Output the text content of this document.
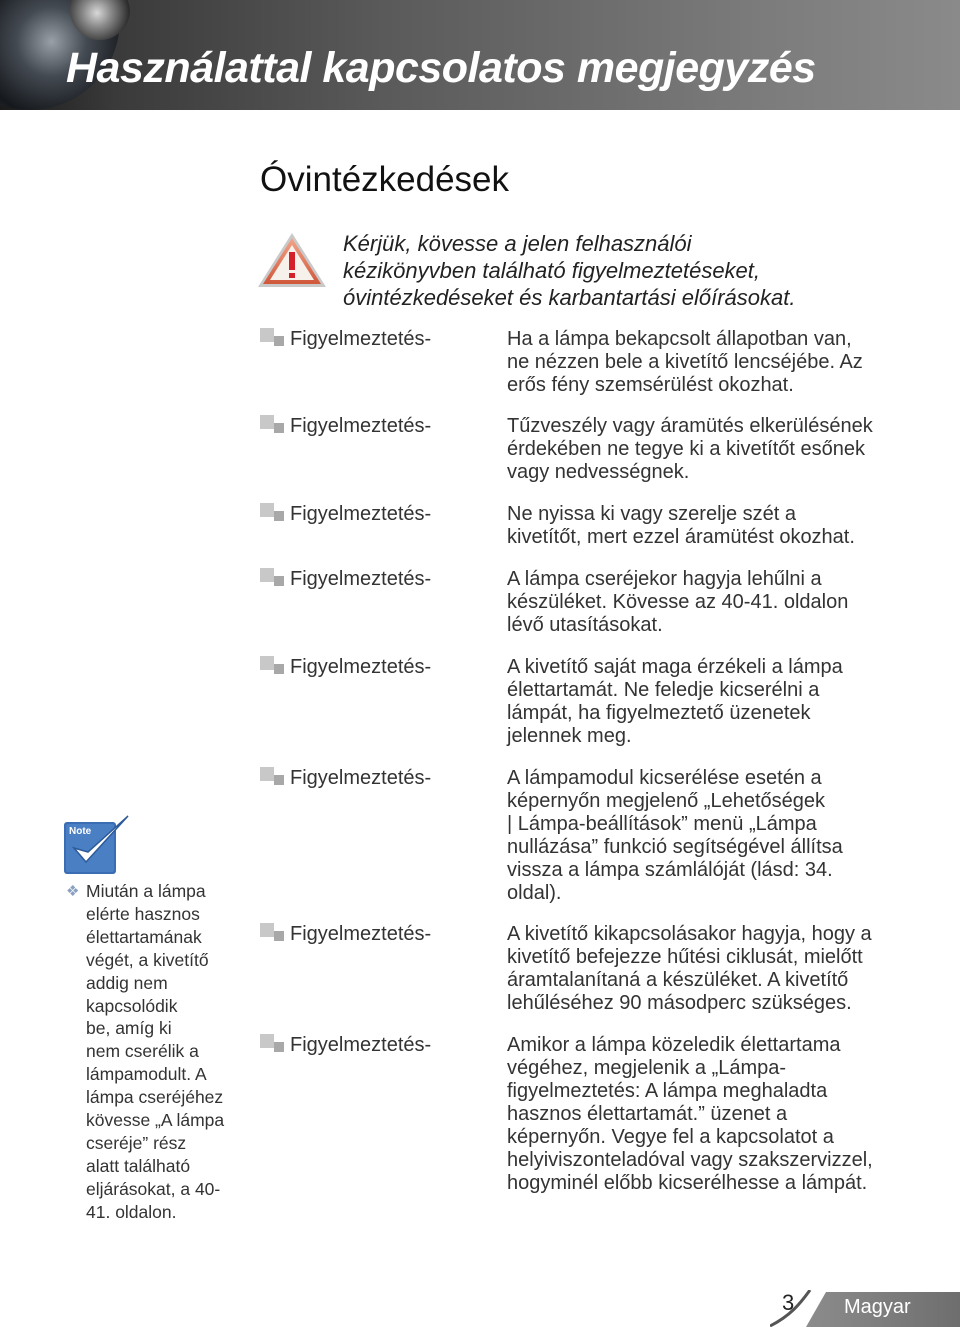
Használattal kapcsolatos megjegyzés
Óvintézkedések
Kérjük, kövesse a jelen felhasználói
kézikönyvben található figyelmeztetéseket,
óvintézkedéseket és karbantartási előírásokat.
Figyelmeztetés-	Ha a lámpa bekapcsolt állapotban van,
ne nézzen bele a kivetítő lencséjébe. Az
erős fény szemsérülést okozhat.
Figyelmeztetés-	Tűzveszély vagy áramütés elkerülésének
érdekében ne tegye ki a kivetítőt esőnek
vagy nedvességnek.
Figyelmeztetés-	Ne nyissa ki vagy szerelje szét a
kivetítőt, mert ezzel áramütést okozhat.
Figyelmeztetés-	A lámpa cseréjekor hagyja lehűlni a
készüléket. Kövesse az 40-41. oldalon
lévő utasításokat.
Figyelmeztetés-	A kivetítő saját maga érzékeli a lámpa
élettartamát. Ne feledje kicserélni a
lámpát, ha figyelmeztető üzenetek
jelennek meg.
Figyelmeztetés-	A lámpamodul kicserélése esetén a
képernyőn megjelenő „Lehetőségek
| Lámpa-beállítások” menü „Lámpa
nullázása” funkció segítségével állítsa
vissza a lámpa számlálóját (lásd: 34.
oldal).
Figyelmeztetés-	A kivetítő kikapcsolásakor hagyja, hogy a
kivetítő befejezze hűtési ciklusát, mielőtt
áramtalanítaná a készüléket. A kivetítő
lehűléséhez 90 másodperc szükséges.
Figyelmeztetés-	Amikor a lámpa közeledik élettartama
végéhez, megjelenik a „Lámpa-
figyelmeztetés: A lámpa meghaladta
hasznos élettartamát.” üzenet a
képernyőn. Vegye fel a kapcsolatot a
helyiviszonteladóval vagy szakszervizzel,
hogyminél előbb kicserélhesse a lámpát.
Note
❖ Miután a lámpa
elérte hasznos
élettartamának
végét, a kivetítő
addig nem
kapcsolódik
be, amíg ki
nem cserélik a
lámpamodult. A
lámpa cseréjéhez
kövesse „A lámpa
cseréje” rész
alatt található
eljárásokat, a 40-
41. oldalon.
3 Magyar
